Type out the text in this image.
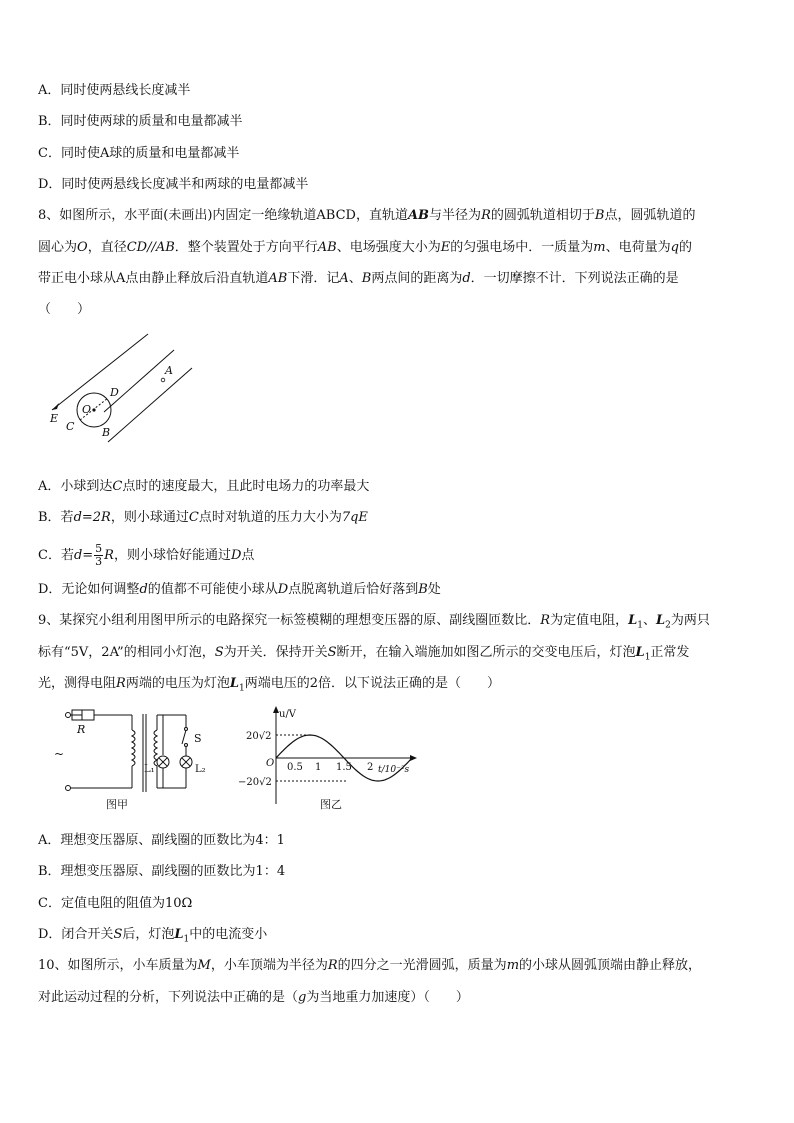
A．同时使两悬线长度减半
B．同时使两球的质量和电量都减半
C．同时使A球的质量和电量都减半
D．同时使两悬线长度减半和两球的电量都减半
8、如图所示，水平面(未画出)内固定一绝缘轨道ABCD，直轨道AB与半径为R的圆弧轨道相切于B点，圆弧轨道的
圆心为O，直径CD//AB．整个装置处于方向平行AB、电场强度大小为E的匀强电场中．一质量为m、电荷量为q的
带正电小球从A点由静止释放后沿直轨道AB下滑．记A、B两点间的距离为d．一切摩擦不计．下列说法正确的是
（　　）
A
D
O
E
C	B
A．小球到达C点时的速度最大，且此时电场力的功率最大
B．若d=2R，则小球通过C点时对轨道的压力大小为7qE
C．若$d= \frac{5}{3}$ R，则小球恰好能通过D点
D．无论如何调整d的值都不可能使小球从D点脱离轨道后恰好落到B处
9、某探究小组利用图甲所示的电路探究一标签模糊的理想变压器的原、副线圈匝数比．R为定值电阻，$L_1$、$L_2$为两只
标有“5V，2A”的相同小灯泡，S为开关．保持开关S断开，在输入端施加如图乙所示的交变电压后，灯泡$L_1$正常发
光，测得电阻R两端的电压为灯泡$L_1$两端电压的2倍．以下说法正确的是（　　）
R
S
L₁	L₂
~
图甲
u/V
t/10⁻²s
O
20√2
−20√2
0.5 1 1.5 2
图乙
A．理想变压器原、副线圈的匝数比为4：1
B．理想变压器原、副线圈的匝数比为1：4
C．定值电阻的阻值为10Ω
D．闭合开关S后，灯泡$L_1$中的电流变小
10、如图所示，小车质量为M，小车顶端为半径为R的四分之一光滑圆弧，质量为m的小球从圆弧顶端由静止释放，
对此运动过程的分析，下列说法中正确的是（g为当地重力加速度）（　　）
